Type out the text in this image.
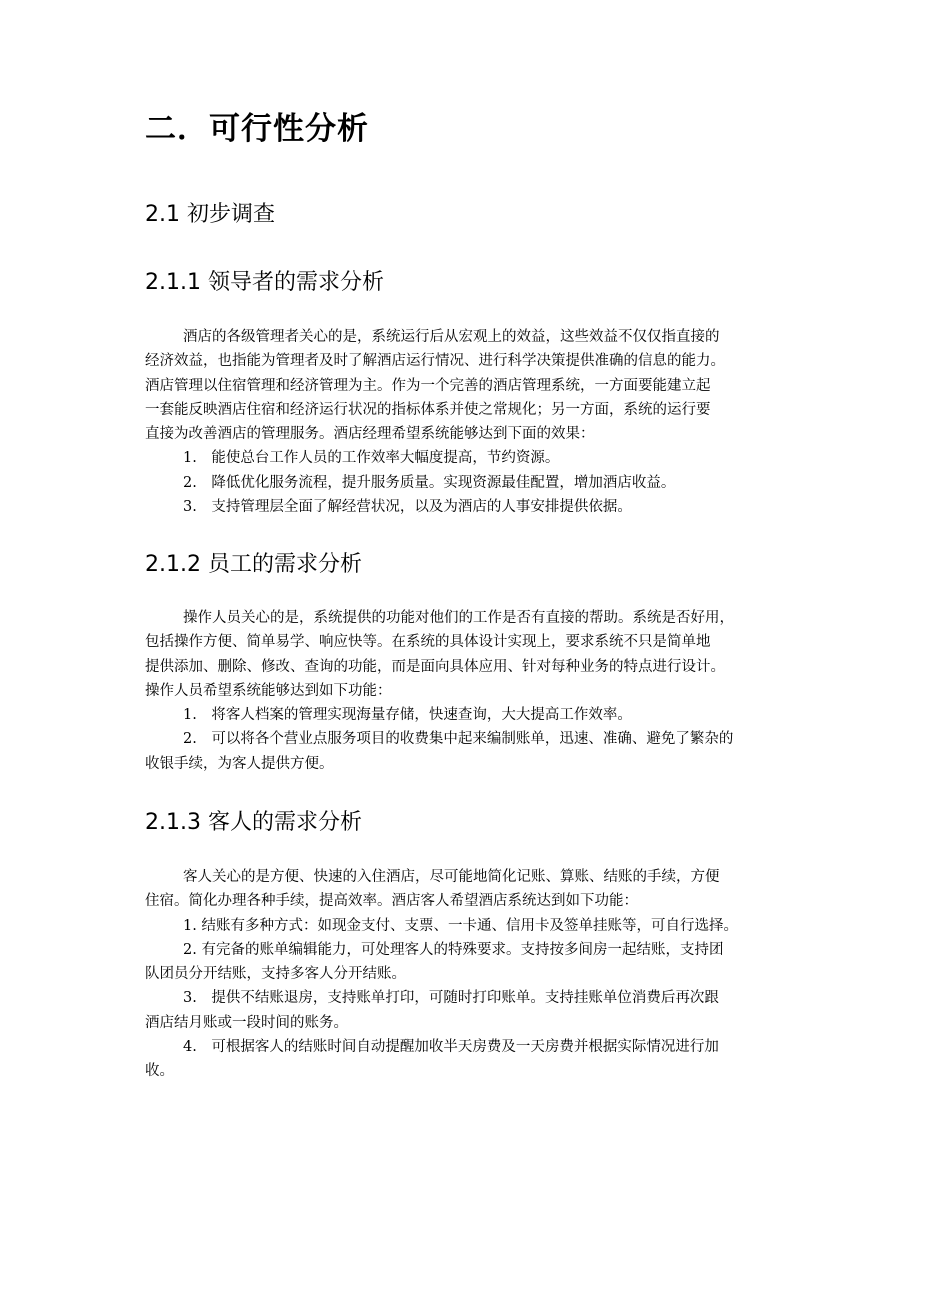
二．可行性分析
2.1 初步调查
2.1.1 领导者的需求分析
酒店的各级管理者关心的是，系统运行后从宏观上的效益，这些效益不仅仅指直接的
经济效益，也指能为管理者及时了解酒店运行情况、进行科学决策提供准确的信息的能力。
酒店管理以住宿管理和经济管理为主。作为一个完善的酒店管理系统，一方面要能建立起
一套能反映酒店住宿和经济运行状况的指标体系并使之常规化；另一方面，系统的运行要
直接为改善酒店的管理服务。酒店经理希望系统能够达到下面的效果：
1. 能使总台工作人员的工作效率大幅度提高，节约资源。
2. 降低优化服务流程，提升服务质量。实现资源最佳配置，增加酒店收益。
3. 支持管理层全面了解经营状况，以及为酒店的人事安排提供依据。
2.1.2 员工的需求分析
操作人员关心的是，系统提供的功能对他们的工作是否有直接的帮助。系统是否好用，
包括操作方便、简单易学、响应快等。在系统的具体设计实现上，要求系统不只是简单地
提供添加、删除、修改、查询的功能，而是面向具体应用、针对每种业务的特点进行设计。
操作人员希望系统能够达到如下功能：
1. 将客人档案的管理实现海量存储，快速查询，大大提高工作效率。
2. 可以将各个营业点服务项目的收费集中起来编制账单，迅速、准确、避免了繁杂的
收银手续，为客人提供方便。
2.1.3 客人的需求分析
客人关心的是方便、快速的入住酒店，尽可能地简化记账、算账、结账的手续，方便
住宿。简化办理各种手续，提高效率。酒店客人希望酒店系统达到如下功能：
1. 结账有多种方式：如现金支付、支票、一卡通、信用卡及签单挂账等，可自行选择。
2. 有完备的账单编辑能力，可处理客人的特殊要求。支持按多间房一起结账，支持团
队团员分开结账，支持多客人分开结账。
3. 提供不结账退房，支持账单打印，可随时打印账单。支持挂账单位消费后再次跟
酒店结月账或一段时间的账务。
4. 可根据客人的结账时间自动提醒加收半天房费及一天房费并根据实际情况进行加
收。
